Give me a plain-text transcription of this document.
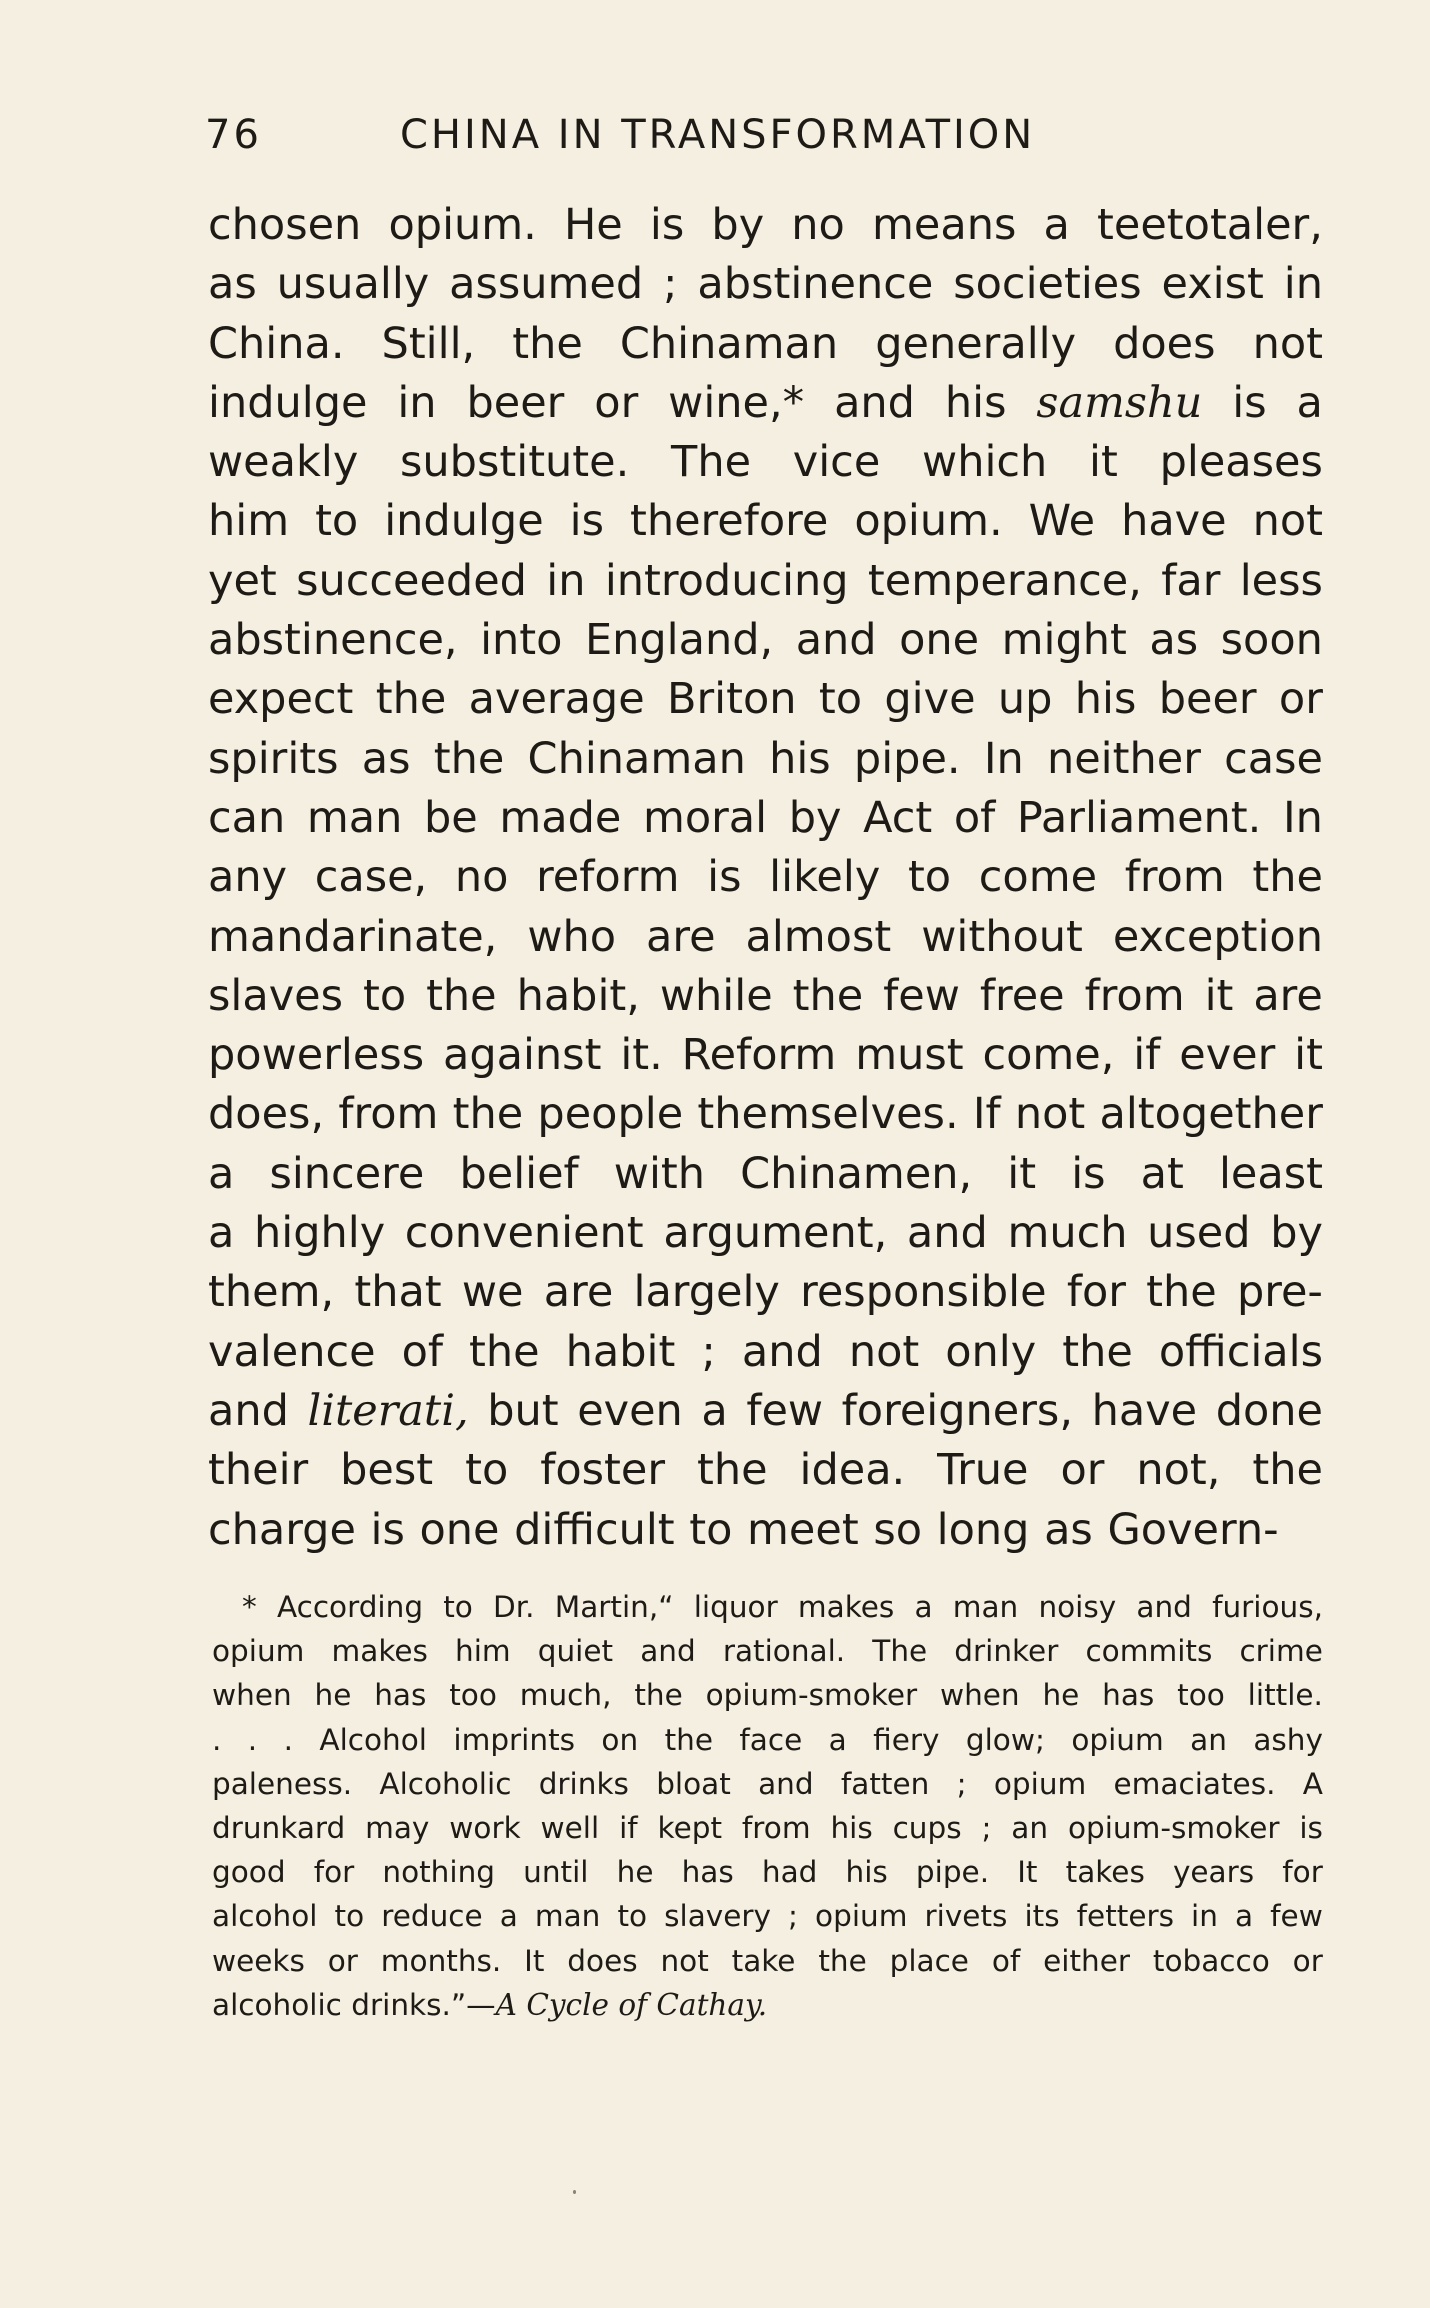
76	CHINA IN TRANSFORMATION
chosen opium. He is by no means a teetotaler,
as usually assumed ; abstinence societies exist in
China. Still, the Chinaman generally does not
indulge in beer or wine,* and his samshu is a
weakly substitute. The vice which it pleases
him to indulge is therefore opium. We have not
yet succeeded in introducing temperance, far less
abstinence, into England, and one might as soon
expect the average Briton to give up his beer or
spirits as the Chinaman his pipe. In neither case
can man be made moral by Act of Parliament. In
any case, no reform is likely to come from the
mandarinate, who are almost without exception
slaves to the habit, while the few free from it are
powerless against it. Reform must come, if ever it
does, from the people themselves. If not altogether
a sincere belief with Chinamen, it is at least
a highly convenient argument, and much used by
them, that we are largely responsible for the pre-
valence of the habit ; and not only the officials
and literati, but even a few foreigners, have done
their best to foster the idea. True or not, the
charge is one difficult to meet so long as Govern-
* According to Dr. Martin,“ liquor makes a man noisy and furious,
opium makes him quiet and rational. The drinker commits crime
when he has too much, the opium-smoker when he has too little.
. . . Alcohol imprints on the face a fiery glow; opium an ashy
paleness. Alcoholic drinks bloat and fatten ; opium emaciates. A
drunkard may work well if kept from his cups ; an opium-smoker is
good for nothing until he has had his pipe. It takes years for
alcohol to reduce a man to slavery ; opium rivets its fetters in a few
weeks or months. It does not take the place of either tobacco or
alcoholic drinks.”— A Cycle of Cathay.
